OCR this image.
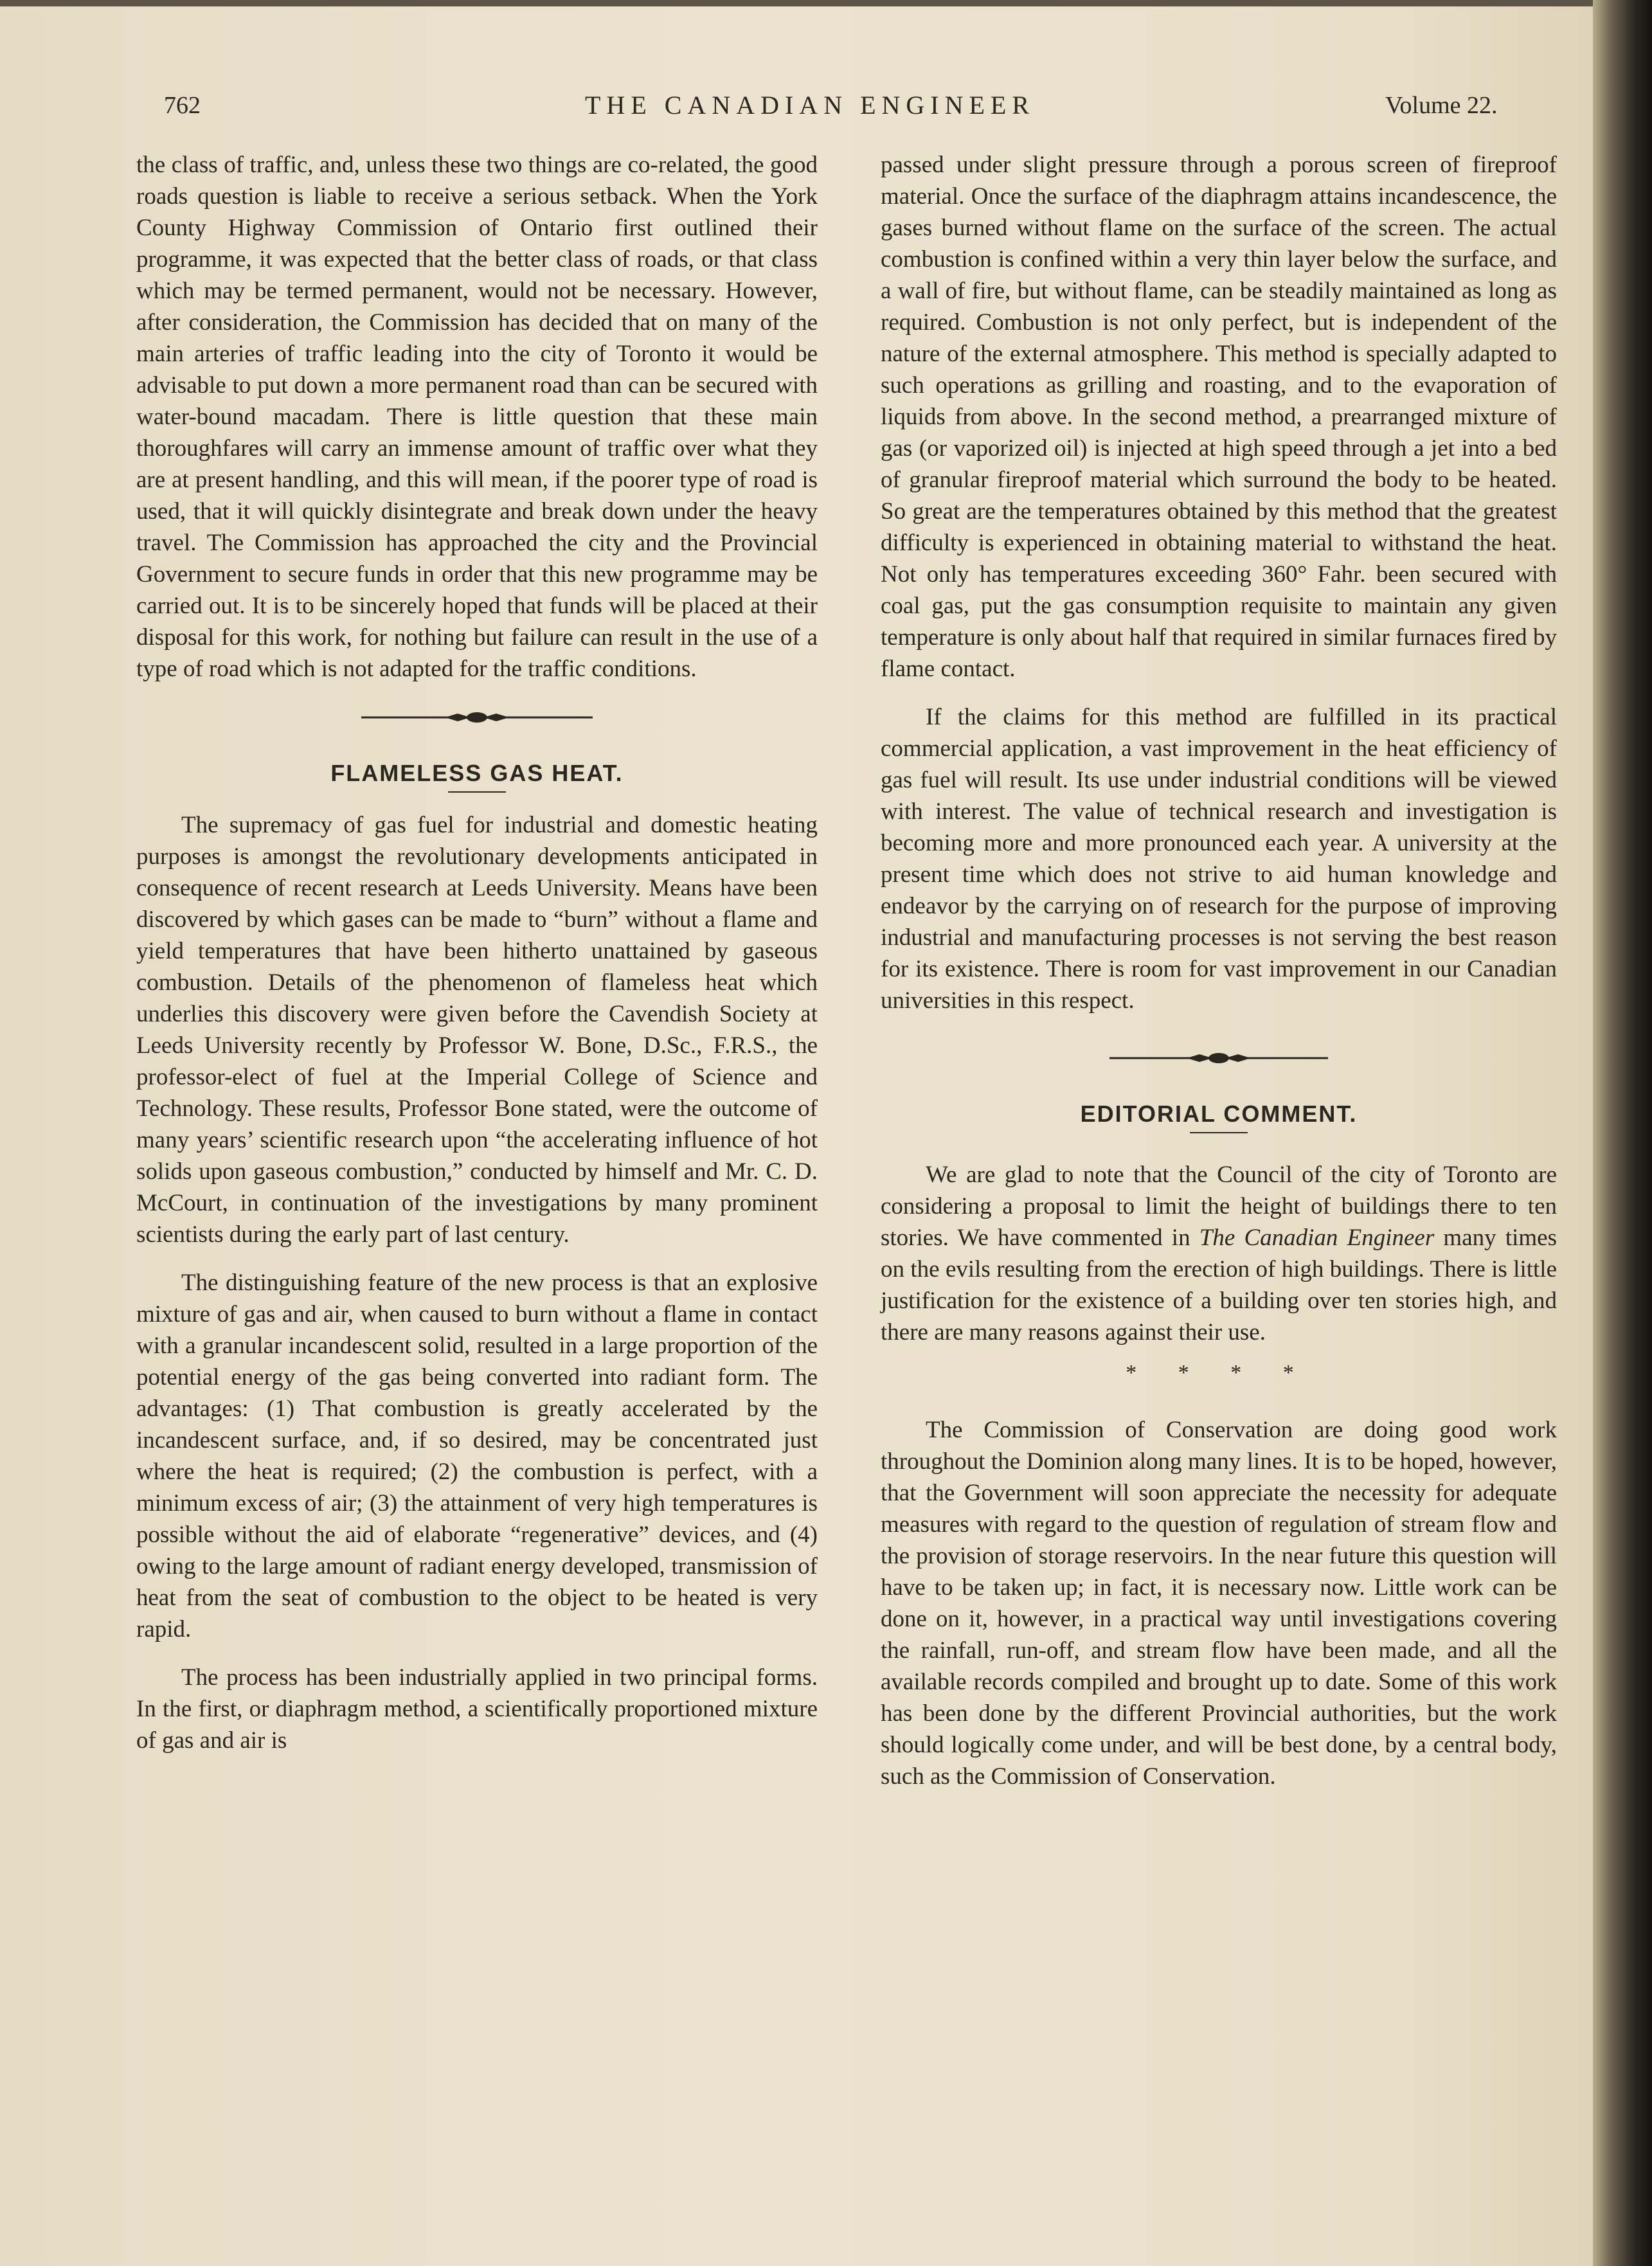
762	THE CANADIAN ENGINEER	Volume 22.

the class of traffic, and, unless these two things are co-related, the good roads question is liable to receive a serious setback. When the York County Highway Commission of Ontario first outlined their programme, it was expected that the better class of roads, or that class which may be termed permanent, would not be necessary. However, after consideration, the Commission has decided that on many of the main arteries of traffic leading into the city of Toronto it would be advisable to put down a more permanent road than can be secured with water-bound macadam. There is little question that these main thoroughfares will carry an immense amount of traffic over what they are at present handling, and this will mean, if the poorer type of road is used, that it will quickly disintegrate and break down under the heavy travel. The Commission has approached the city and the Provincial Government to secure funds in order that this new programme may be carried out. It is to be sincerely hoped that funds will be placed at their disposal for this work, for nothing but failure can result in the use of a type of road which is not adapted for the traffic conditions.

FLAMELESS GAS HEAT.

The supremacy of gas fuel for industrial and domestic heating purposes is amongst the revolutionary developments anticipated in consequence of recent research at Leeds University. Means have been discovered by which gases can be made to “burn” without a flame and yield temperatures that have been hitherto unattained by gaseous combustion. Details of the phenomenon of flameless heat which underlies this discovery were given before the Cavendish Society at Leeds University recently by Professor W. Bone, D.Sc., F.R.S., the professor-elect of fuel at the Imperial College of Science and Technology. These results, Professor Bone stated, were the outcome of many years’ scientific research upon “the accelerating influence of hot solids upon gaseous combustion,” conducted by himself and Mr. C. D. McCourt, in continuation of the investigations by many prominent scientists during the early part of last century.

The distinguishing feature of the new process is that an explosive mixture of gas and air, when caused to burn without a flame in contact with a granular incandescent solid, resulted in a large proportion of the potential energy of the gas being converted into radiant form. The advantages: (1) That combustion is greatly accelerated by the incandescent surface, and, if so desired, may be concentrated just where the heat is required; (2) the combustion is perfect, with a minimum excess of air; (3) the attainment of very high temperatures is possible without the aid of elaborate “regenerative” devices, and (4) owing to the large amount of radiant energy developed, transmission of heat from the seat of combustion to the object to be heated is very rapid.

The process has been industrially applied in two principal forms. In the first, or diaphragm method, a scientifically proportioned mixture of gas and air is

passed under slight pressure through a porous screen of fireproof material. Once the surface of the diaphragm attains incandescence, the gases burned without flame on the surface of the screen. The actual combustion is confined within a very thin layer below the surface, and a wall of fire, but without flame, can be steadily maintained as long as required. Combustion is not only perfect, but is independent of the nature of the external atmosphere. This method is specially adapted to such operations as grilling and roasting, and to the evaporation of liquids from above. In the second method, a prearranged mixture of gas (or vaporized oil) is injected at high speed through a jet into a bed of granular fireproof material which surround the body to be heated. So great are the temperatures obtained by this method that the greatest difficulty is experienced in obtaining material to withstand the heat. Not only has temperatures exceeding 360° Fahr. been secured with coal gas, put the gas consumption requisite to maintain any given temperature is only about half that required in similar furnaces fired by flame contact.

If the claims for this method are fulfilled in its practical commercial application, a vast improvement in the heat efficiency of gas fuel will result. Its use under industrial conditions will be viewed with interest. The value of technical research and investigation is becoming more and more pronounced each year. A university at the present time which does not strive to aid human knowledge and endeavor by the carrying on of research for the purpose of improving industrial and manufacturing processes is not serving the best reason for its existence. There is room for vast improvement in our Canadian universities in this respect.

EDITORIAL COMMENT.

We are glad to note that the Council of the city of Toronto are considering a proposal to limit the height of buildings there to ten stories. We have commented in The Canadian Engineer many times on the evils resulting from the erection of high buildings. There is little justification for the existence of a building over ten stories high, and there are many reasons against their use.

* * * *

The Commission of Conservation are doing good work throughout the Dominion along many lines. It is to be hoped, however, that the Government will soon appreciate the necessity for adequate measures with regard to the question of regulation of stream flow and the provision of storage reservoirs. In the near future this question will have to be taken up; in fact, it is necessary now. Little work can be done on it, however, in a practical way until investigations covering the rainfall, run-off, and stream flow have been made, and all the available records compiled and brought up to date. Some of this work has been done by the different Provincial authorities, but the work should logically come under, and will be best done, by a central body, such as the Commission of Conservation.
